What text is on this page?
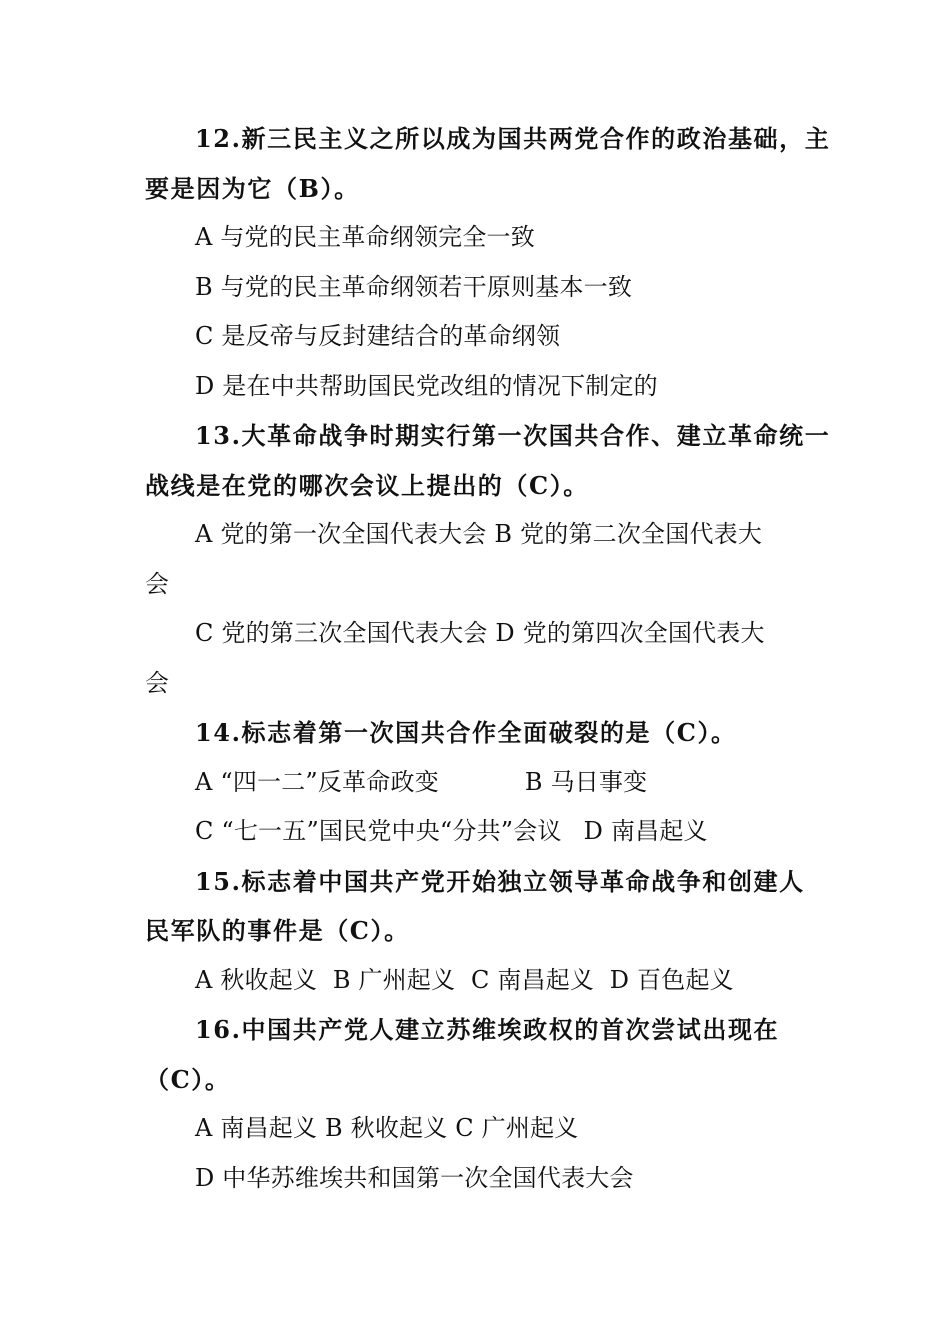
12.新三民主义之所以成为国共两党合作的政治基础，主
要是因为它（B）。
A 与党的民主革命纲领完全一致
B 与党的民主革命纲领若干原则基本一致
C 是反帝与反封建结合的革命纲领
D 是在中共帮助国民党改组的情况下制定的
13.大革命战争时期实行第一次国共合作、建立革命统一
战线是在党的哪次会议上提出的（C）。
A 党的第一次全国代表大会 B 党的第二次全国代表大
会
C 党的第三次全国代表大会 D 党的第四次全国代表大
会
14.标志着第一次国共合作全面破裂的是（C）。
A “四一二”反革命政变	B 马日事变
C “七一五”国民党中央“分共”会议 D 南昌起义
15.标志着中国共产党开始独立领导革命战争和创建人
民军队的事件是（C）。
A 秋收起义  B 广州起义  C 南昌起义  D 百色起义
16.中国共产党人建立苏维埃政权的首次尝试出现在
（C）。
A 南昌起义 B 秋收起义 C 广州起义
D 中华苏维埃共和国第一次全国代表大会
